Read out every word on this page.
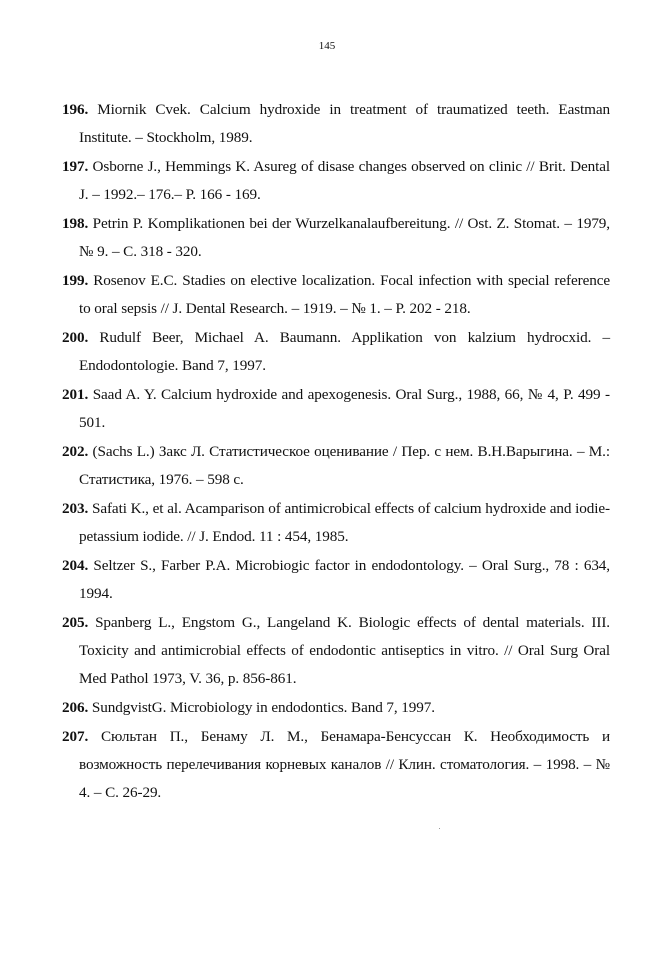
145
196. Miornik Cvek. Calcium hydroxide in treatment of traumatized teeth. Eastman Institute. – Stockholm, 1989.
197. Osborne J., Hemmings K. Asureg of disase changes observed on clinic // Brit. Dental J. – 1992.– 176.– P. 166 - 169.
198. Petrin P. Komplikationen bei der Wurzelkanalaufbereitung. // Ost. Z. Stomat. – 1979, № 9. – C. 318 - 320.
199. Rosenov E.C. Stadies on elective localization. Focal infection with special reference to oral sepsis // J. Dental Research. – 1919. – № 1. – P. 202 - 218.
200. Rudulf Beer, Michael A. Baumann. Applikation von kalzium hydrocxid. – Endodontologie. Band 7, 1997.
201. Saad A. Y. Calcium hydroxide and apexogenesis. Oral Surg., 1988, 66, № 4, P. 499 - 501.
202. (Sachs L.) Закс Л. Статистическое оценивание / Пер. с нем. В.Н.Варыгина. – М.: Статистика, 1976. – 598 с.
203. Safati K., et al. Acamparison of antimicrobical effects of calcium hydroxide and iodie-petassium iodide. // J. Endod. 11 : 454, 1985.
204. Seltzer S., Farber P.A. Microbiogic factor in endodontology. – Oral Surg., 78 : 634, 1994.
205. Spanberg L., Engstom G., Langeland K. Biologic effects of dental materials. III. Toxicity and antimicrobial effects of endodontic antiseptics in vitro. // Oral Surg Oral Med Pathol 1973, V. 36, p. 856-861.
206. SundgvistG. Microbiology in endodontics. Band 7, 1997.
207. Сюльтан П., Бенаму Л. М., Бенамара-Бенсуссан К. Необходимость и возможность перелечивания корневых каналов // Клин. стоматология. – 1998. – № 4. – С. 26-29.
